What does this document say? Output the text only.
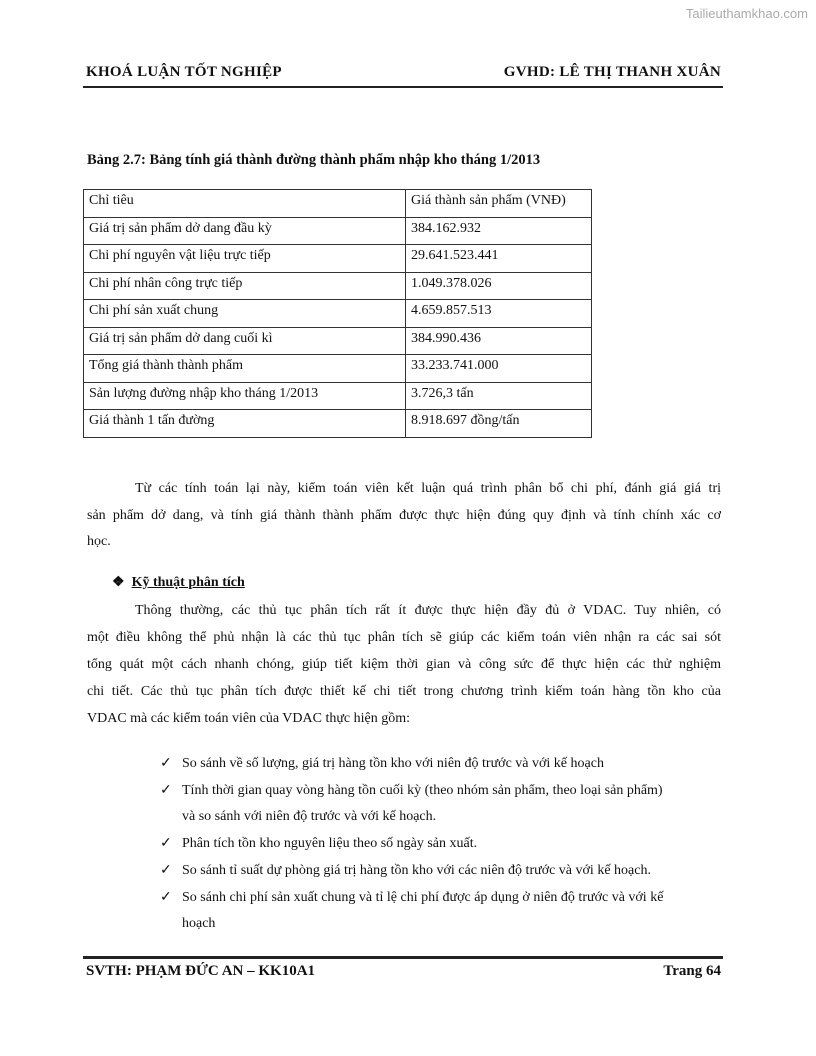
Tailieuthamkhao.com
KHOÁ LUẬN TỐT NGHIỆP	GVHD: LÊ THỊ THANH XUÂN
Bảng 2.7: Bảng tính giá thành đường thành phẩm nhập kho tháng 1/2013
Chỉ tiêu	Giá thành sản phẩm (VNĐ)
Giá trị sản phẩm dở dang đầu kỳ	384.162.932
Chi phí nguyên vật liệu trực tiếp	29.641.523.441
Chi phí nhân công trực tiếp	1.049.378.026
Chi phí sản xuất chung	4.659.857.513
Giá trị sản phẩm dở dang cuối kì	384.990.436
Tổng giá thành thành phẩm	33.233.741.000
Sản lượng đường nhập kho tháng 1/2013	3.726,3 tấn
Giá thành 1 tấn đường	8.918.697 đồng/tấn
Từ các tính toán lại này, kiểm toán viên kết luận quá trình phân bổ chi phí, đánh giá giá trị
sản phẩm dở dang, và tính giá thành thành phẩm được thực hiện đúng quy định và tính chính xác cơ
học.
❖ Kỹ thuật phân tích
Thông thường, các thủ tục phân tích rất ít được thực hiện đầy đủ ở VDAC. Tuy nhiên, có
một điều không thể phủ nhận là các thủ tục phân tích sẽ giúp các kiểm toán viên nhận ra các sai sót
tổng quát một cách nhanh chóng, giúp tiết kiệm thời gian và công sức để thực hiện các thử nghiệm
chi tiết. Các thủ tục phân tích được thiết kế chi tiết trong chương trình kiểm toán hàng tồn kho của
VDAC mà các kiểm toán viên của VDAC thực hiện gồm:
✓ So sánh về số lượng, giá trị hàng tồn kho với niên độ trước và với kế hoạch
✓ Tính thời gian quay vòng hàng tồn cuối kỳ (theo nhóm sản phẩm, theo loại sản phẩm)
và so sánh với niên độ trước và với kế hoạch.
✓ Phân tích tồn kho nguyên liệu theo số ngày sản xuất.
✓ So sánh tỉ suất dự phòng giá trị hàng tồn kho với các niên độ trước và với kế hoạch.
✓ So sánh chi phí sản xuất chung và tỉ lệ chi phí được áp dụng ở niên độ trước và với kế
hoạch
SVTH: PHẠM ĐỨC AN – KK10A1	Trang 64
